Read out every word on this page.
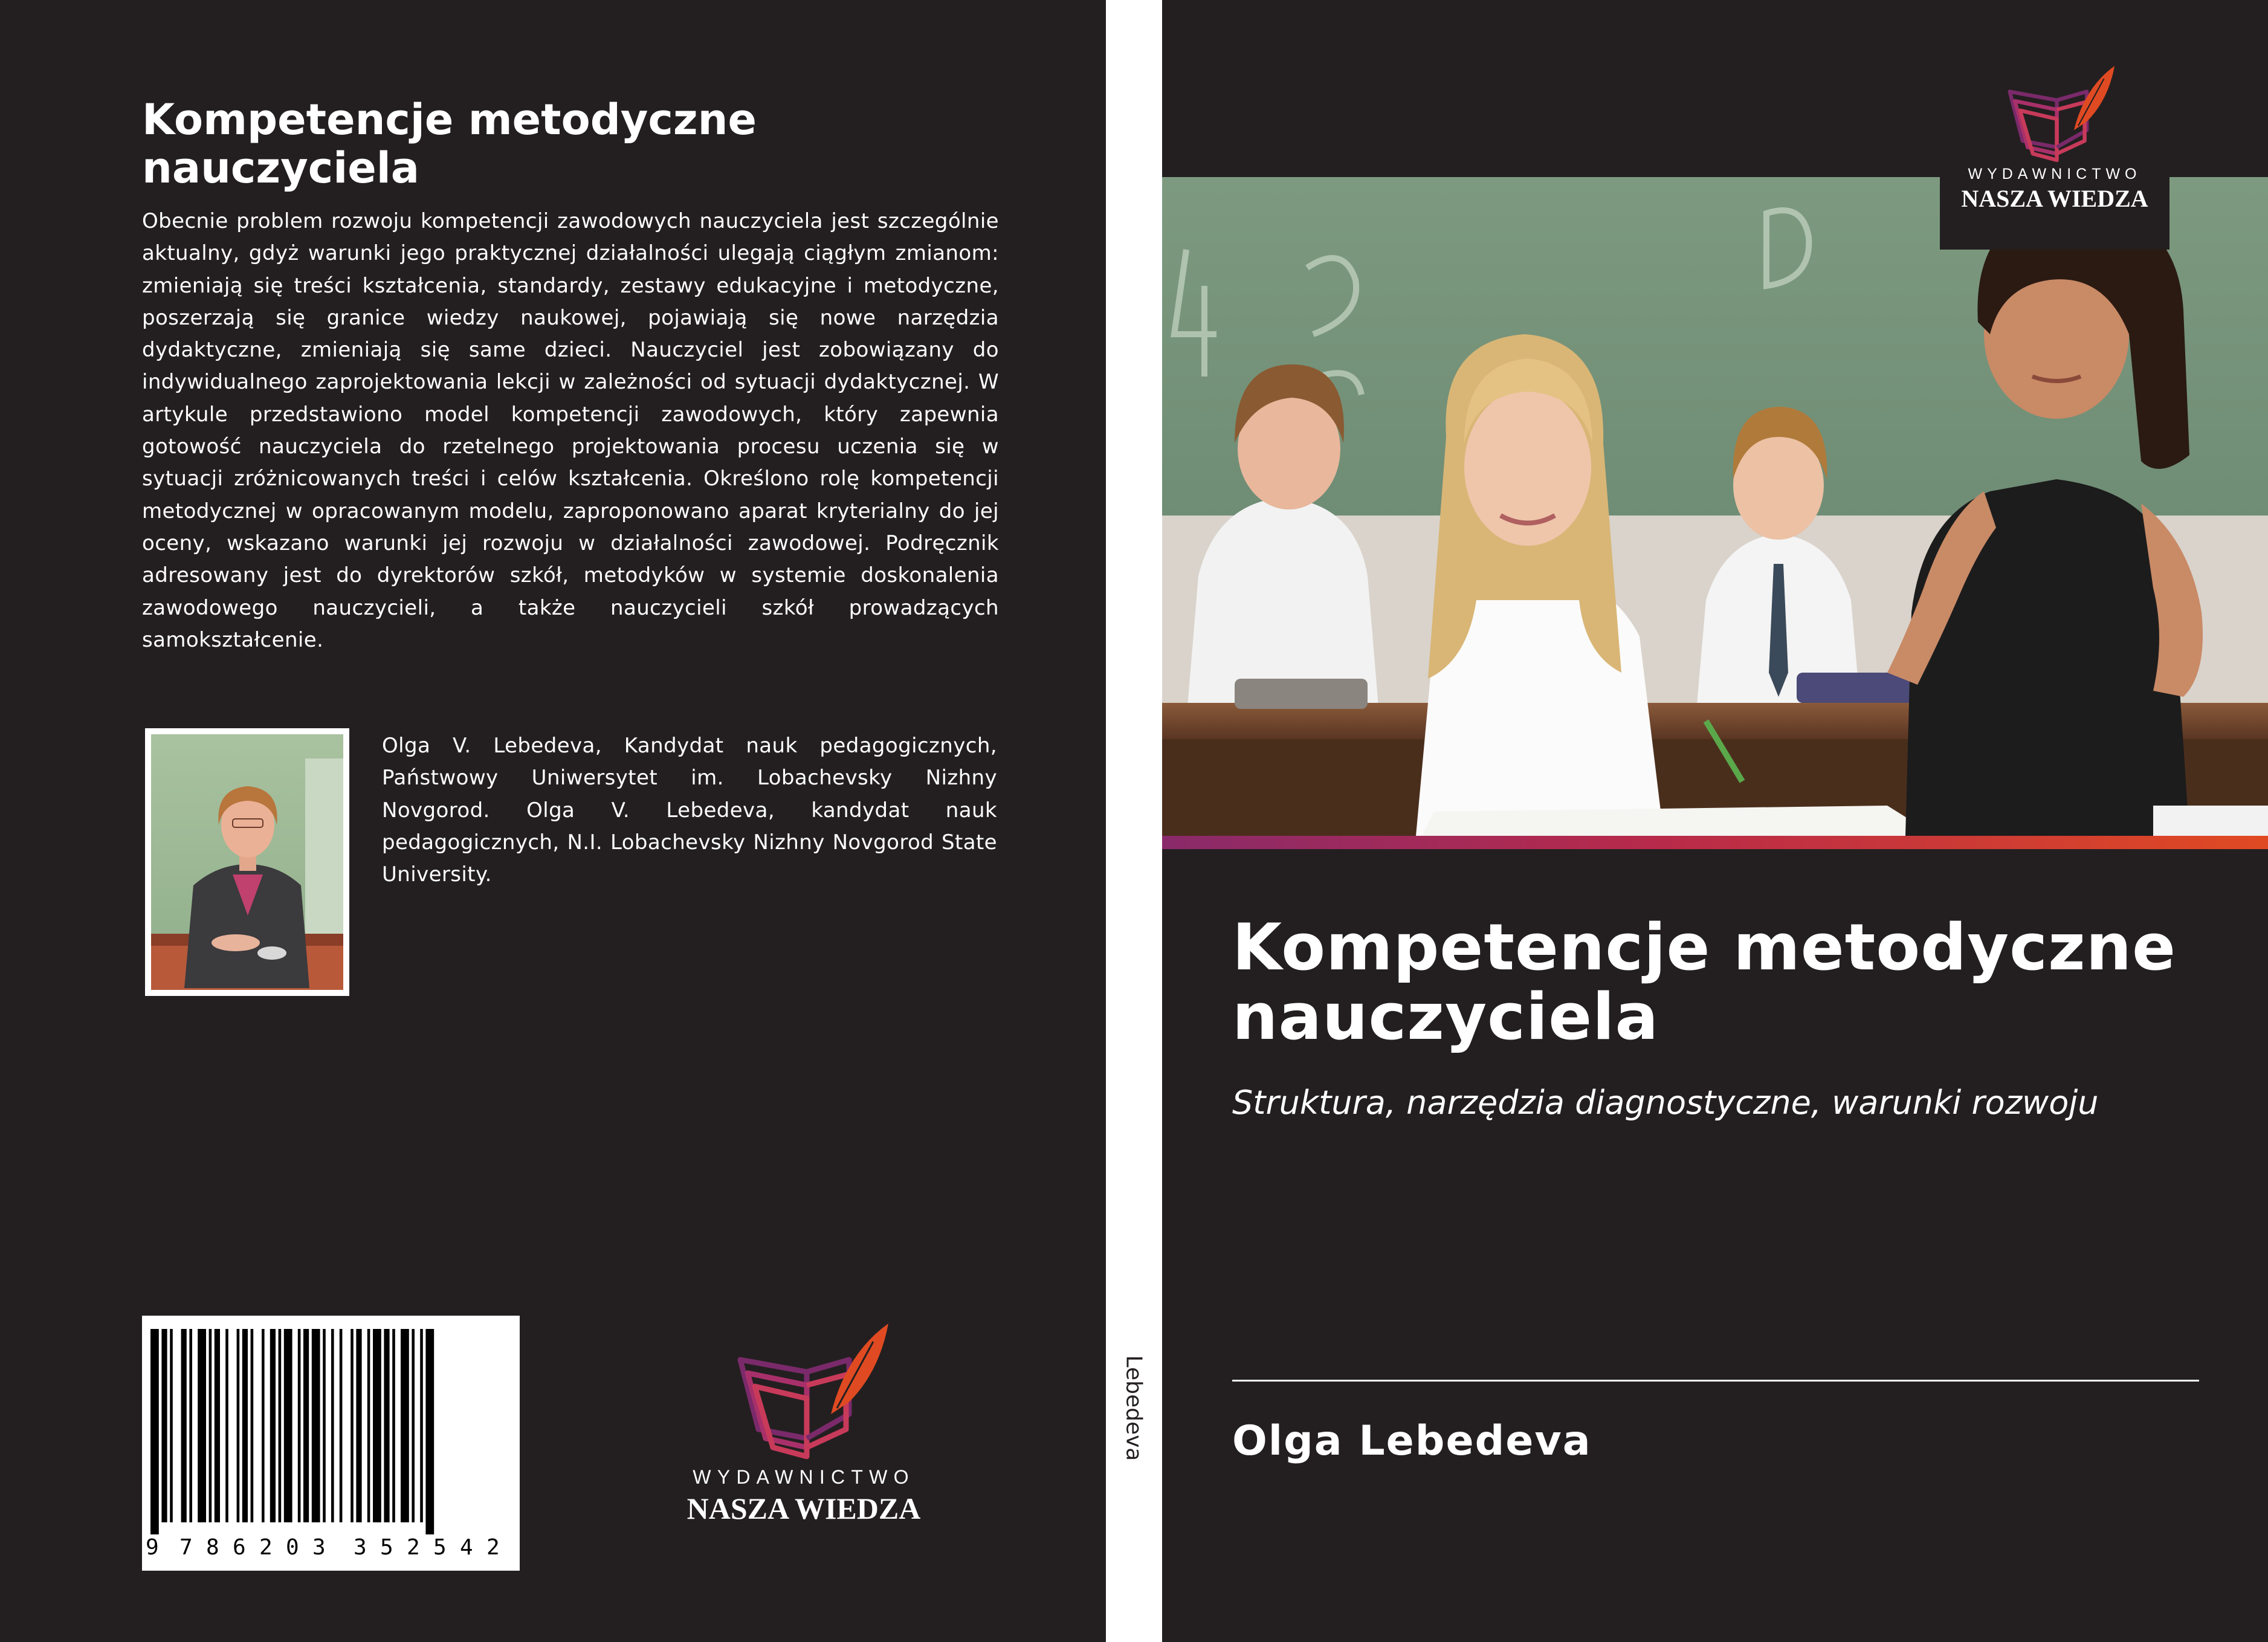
Kompetencje metodyczne nauczyciela

Obecnie problem rozwoju kompetencji zawodowych nauczyciela jest szczególnie aktualny, gdyż warunki jego praktycznej działalności ulegają ciągłym zmianom: zmieniają się treści kształcenia, standardy, zestawy edukacyjne i metodyczne, poszerzają się granice wiedzy naukowej, pojawiają się nowe narzędzia dydaktyczne, zmieniają się same dzieci. Nauczyciel jest zobowiązany do indywidualnego zaprojektowania lekcji w zależności od sytuacji dydaktycznej. W artykule przedstawiono model kompetencji zawodowych, który zapewnia gotowość nauczyciela do rzetelnego projektowania procesu uczenia się w sytuacji zróżnicowanych treści i celów kształcenia. Określono rolę kompetencji metodycznej w opracowanym modelu, zaproponowano aparat kryterialny do jej oceny, wskazano warunki jej rozwoju w działalności zawodowej. Podręcznik adresowany jest do dyrektorów szkół, metodyków w systemie doskonalenia zawodowego nauczycieli, a także nauczycieli szkół prowadzących samokształcenie.

Olga V. Lebedeva, Kandydat nauk pedagogicznych, Państwowy Uniwersytet im. Lobachevsky Nizhny Novgorod. Olga V. Lebedeva, kandydat nauk pedagogicznych, N.I. Lobachevsky Nizhny Novgorod State University.

9 7 8 6 2 0 3 3 5 2 5 4 2
WYDAWNICTWO
NASZA WIEDZA
Lebedeva
WYDAWNICTWO
NASZA WIEDZA
Kompetencje metodyczne nauczyciela

Struktura, narzędzia diagnostyczne, warunki rozwoju

Olga Lebedeva
